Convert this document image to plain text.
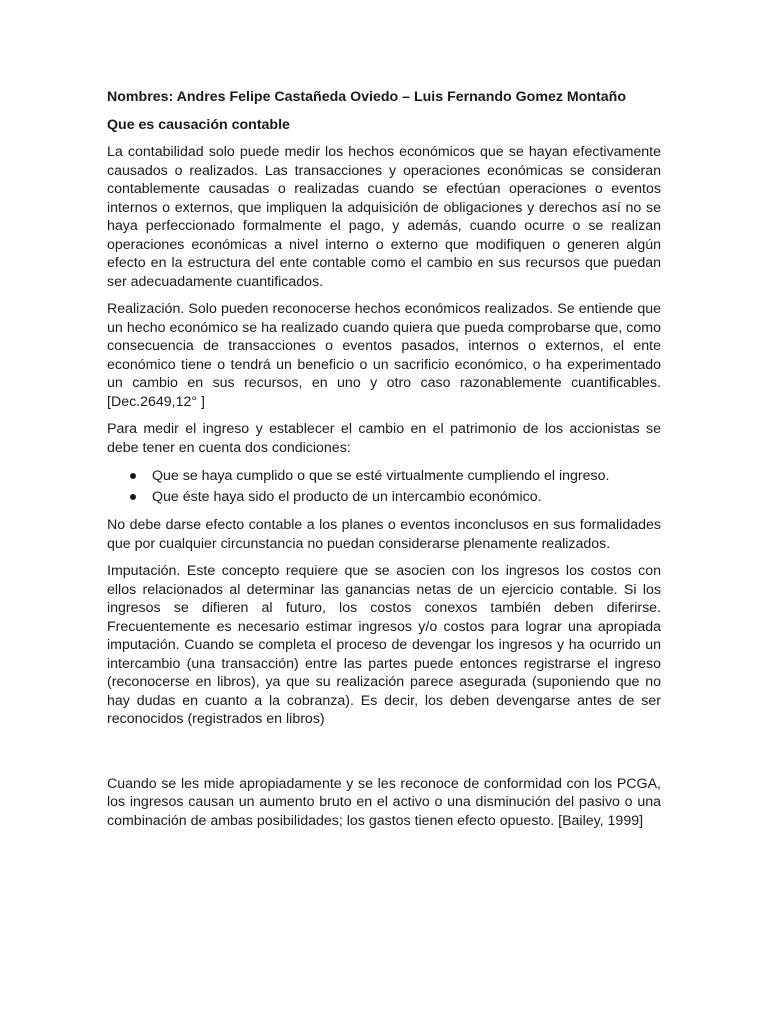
Nombres: Andres Felipe Castañeda Oviedo – Luis Fernando Gomez Montaño

Que es causación contable

La contabilidad solo puede medir los hechos económicos que se hayan efectivamente causados o realizados. Las transacciones y operaciones económicas se consideran contablemente causadas o realizadas cuando se efectúan operaciones o eventos internos o externos, que impliquen la adquisición de obligaciones y derechos así no se haya perfeccionado formalmente el pago, y además, cuando ocurre o se realizan operaciones económicas a nivel interno o externo que modifiquen o generen algún efecto en la estructura del ente contable como el cambio en sus recursos que puedan ser adecuadamente cuantificados.

Realización. Solo pueden reconocerse hechos económicos realizados. Se entiende que un hecho económico se ha realizado cuando quiera que pueda comprobarse que, como consecuencia de transacciones o eventos pasados, internos o externos, el ente económico tiene o tendrá un beneficio o un sacrificio económico, o ha experimentado un cambio en sus recursos, en uno y otro caso razonablemente cuantificables.        [Dec.2649,12° ]

Para medir el ingreso y establecer el cambio en el patrimonio de los accionistas se debe tener en cuenta dos condiciones:

Que se haya cumplido o que se esté virtualmente cumpliendo el ingreso.
Que éste haya sido el producto de un intercambio económico.

No debe darse efecto contable a los planes o eventos inconclusos en sus formalidades que por cualquier circunstancia no puedan considerarse plenamente realizados.

Imputación. Este concepto requiere que se asocien con los ingresos los costos con ellos relacionados al determinar las ganancias netas de un ejercicio contable. Si los ingresos se difieren al futuro, los costos conexos también deben diferirse. Frecuentemente es necesario estimar ingresos y/o costos para lograr una apropiada imputación. Cuando se completa el proceso de devengar los ingresos y ha ocurrido un intercambio (una transacción) entre las partes puede entonces registrarse el ingreso (reconocerse en libros), ya que su realización parece asegurada (suponiendo que no hay dudas en cuanto a la cobranza). Es decir, los deben devengarse antes de ser reconocidos (registrados en libros)

Cuando se les mide apropiadamente y se les reconoce de conformidad con los PCGA, los ingresos causan un aumento bruto en el activo o una disminución del pasivo o una combinación de ambas posibilidades; los gastos tienen efecto opuesto. [Bailey, 1999]
